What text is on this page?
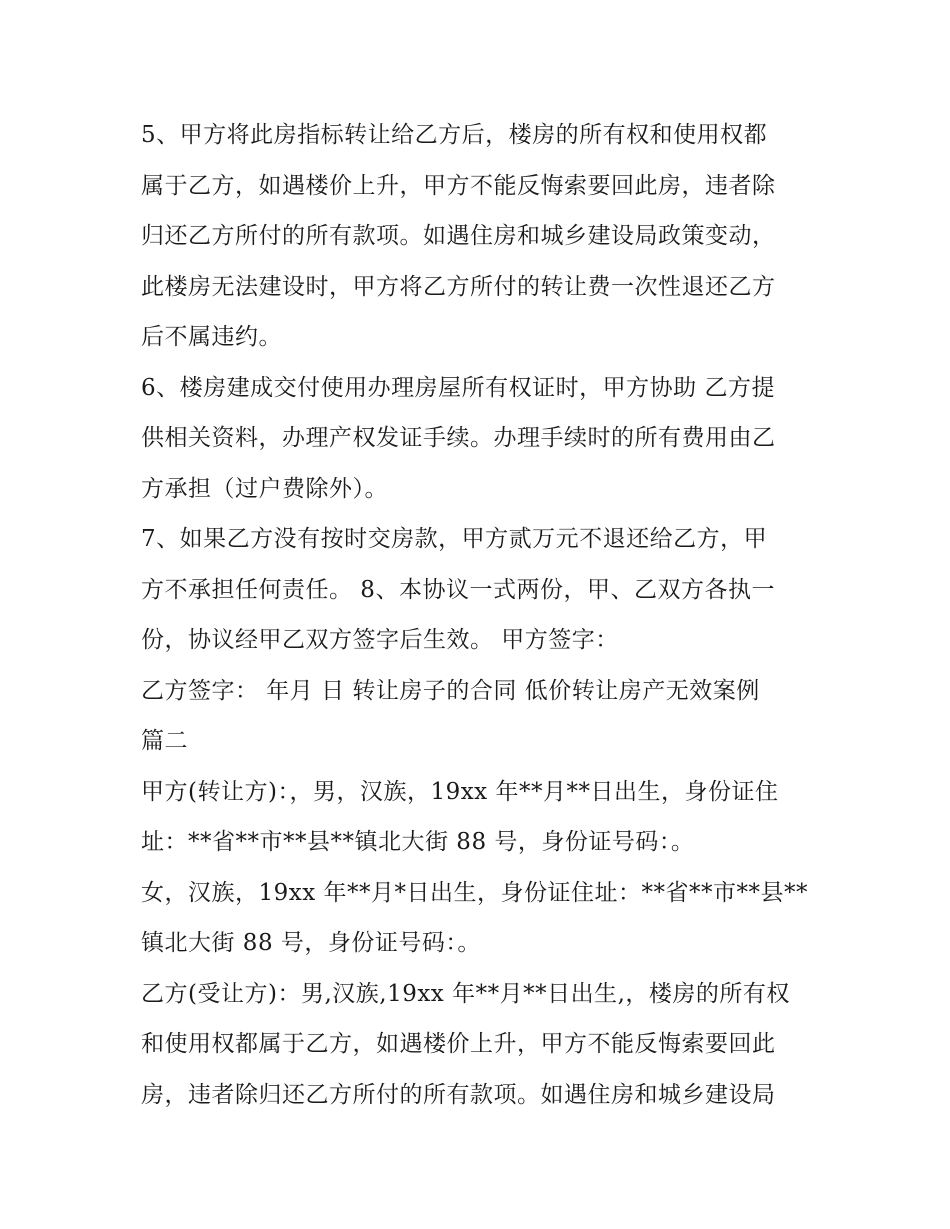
5、甲方将此房指标转让给乙方后，楼房的所有权和使用权都
属于乙方，如遇楼价上升，甲方不能反悔索要回此房，违者除
归还乙方所付的所有款项。如遇住房和城乡建设局政策变动，
此楼房无法建设时，甲方将乙方所付的转让费一次性退还乙方
后不属违约。

6、楼房建成交付使用办理房屋所有权证时，甲方协助 乙方提
供相关资料，办理产权发证手续。办理手续时的所有费用由乙
方承担（过户费除外）。

7、如果乙方没有按时交房款，甲方贰万元不退还给乙方，甲
方不承担任何责任。 8、本协议一式两份，甲、乙双方各执一
份，协议经甲乙双方签字后生效。 甲方签字：

乙方签字： 年月 日 转让房子的合同 低价转让房产无效案例
篇二

甲方(转让方)：，男，汉族，19xx 年**月**日出生，身份证住
址：**省**市**县**镇北大街 88 号，身份证号码：。

女，汉族，19xx 年**月*日出生，身份证住址：**省**市**县**
镇北大街 88 号，身份证号码：。

乙方(受让方)：男,汉族,19xx 年**月**日出生,，楼房的所有权
和使用权都属于乙方，如遇楼价上升，甲方不能反悔索要回此
房，违者除归还乙方所付的所有款项。如遇住房和城乡建设局
